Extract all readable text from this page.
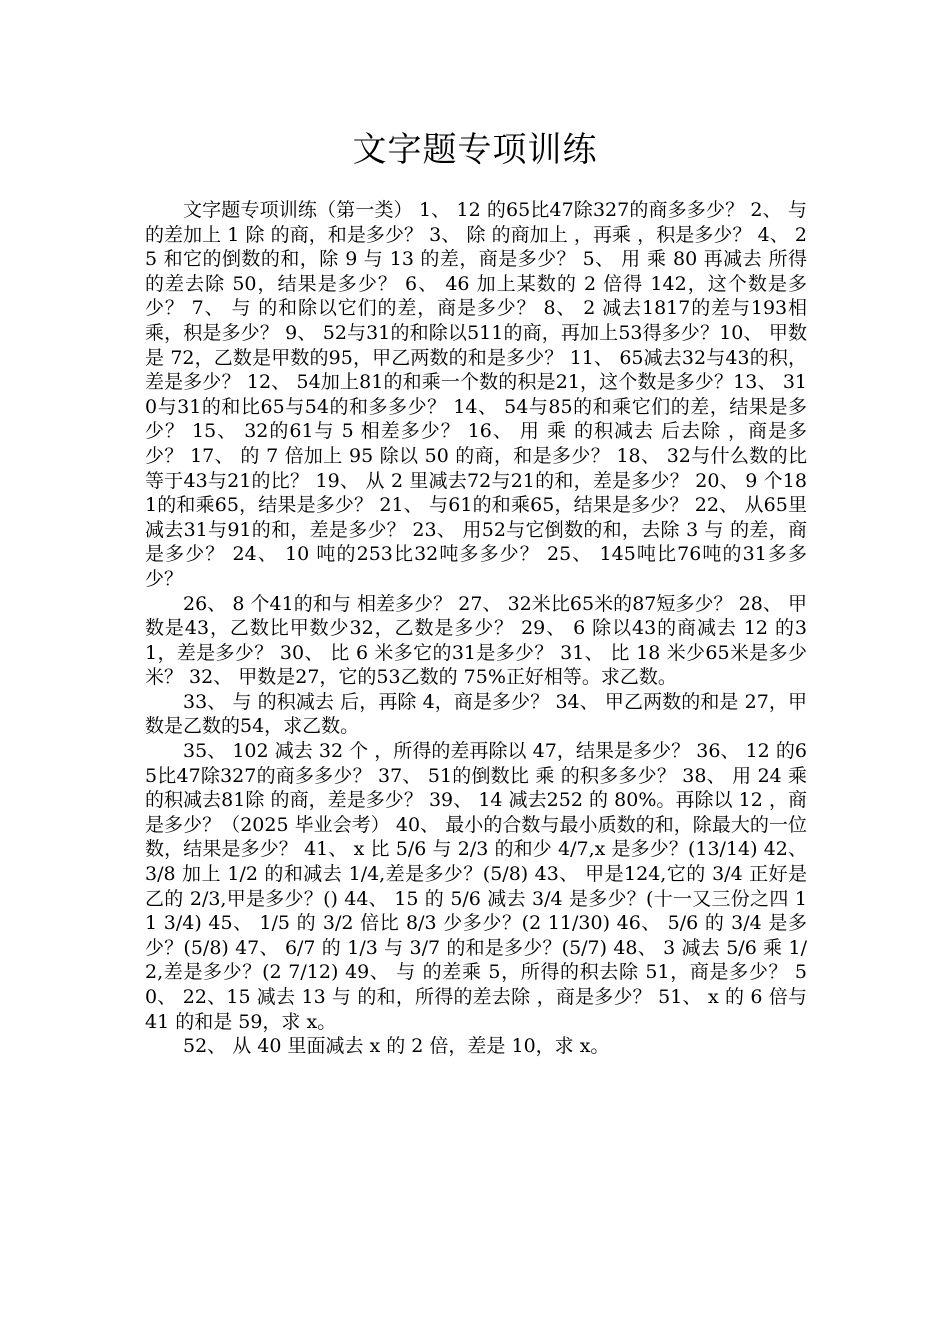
文字题专项训练

文字题专项训练（第一类） 1、 12 的65比47除327的商多多少？ 2、 与 的差加上 1 除 的商，和是多少？ 3、 除 的商加上 ，再乘 ，积是多少？ 4、 25 和它的倒数的和，除 9 与 13 的差，商是多少？ 5、 用 乘 80 再减去 所得的差去除 50，结果是多少？ 6、 46 加上某数的 2 倍得 142，这个数是多少？ 7、 与 的和除以它们的差，商是多少？ 8、 2 减去1817的差与193相乘，积是多少？ 9、 52与31的和除以511的商，再加上53得多少？10、 甲数是 72，乙数是甲数的95，甲乙两数的和是多少？ 11、 65减去32与43的积，差是多少？ 12、 54加上81的和乘一个数的积是21，这个数是多少？13、 310与31的和比65与54的和多多少？ 14、 54与85的和乘它们的差，结果是多少？ 15、 32的61与 5 相差多少？ 16、 用 乘 的积减去 后去除 ，商是多少？ 17、 的 7 倍加上 95 除以 50 的商，和是多少？ 18、 32与什么数的比等于43与21的比？ 19、 从 2 里减去72与21的和，差是多少？ 20、 9 个181的和乘65，结果是多少？ 21、 与61的和乘65，结果是多少？ 22、 从65里减去31与91的和，差是多少？ 23、 用52与它倒数的和，去除 3 与 的差，商是多少？ 24、 10 吨的253比32吨多多少？ 25、 145吨比76吨的31多多少？

26、 8 个41的和与 相差多少？ 27、 32米比65米的87短多少？ 28、 甲数是43，乙数比甲数少32，乙数是多少？ 29、 6 除以43的商减去 12 的31，差是多少？ 30、 比 6 米多它的31是多少？ 31、 比 18 米少65米是多少米？ 32、 甲数是27，它的53乙数的 75%正好相等。求乙数。

33、 与 的积减去 后，再除 4，商是多少？ 34、 甲乙两数的和是 27，甲数是乙数的54，求乙数。

35、 102 减去 32 个 ，所得的差再除以 47，结果是多少？ 36、 12 的65比47除327的商多多少？ 37、 51的倒数比 乘 的积多多少？ 38、 用 24 乘 的积减去81除 的商，差是多少？ 39、 14 减去252 的 80%。再除以 12 ，商是多少？（2025 毕业会考） 40、 最小的合数与最小质数的和，除最大的一位数，结果是多少？ 41、 x 比 5/6 与 2/3 的和少 4/7,x 是多少？(13/14) 42、 3/8 加上 1/2 的和减去 1/4,差是多少？(5/8) 43、 甲是124,它的 3/4 正好是乙的 2/3,甲是多少？() 44、 15 的 5/6 减去 3/4 是多少？(十一又三份之四 11 3/4) 45、 1/5 的 3/2 倍比 8/3 少多少？(2 11/30) 46、 5/6 的 3/4 是多少？(5/8) 47、 6/7 的 1/3 与 3/7 的和是多少？(5/7) 48、 3 减去 5/6 乘 1/2,差是多少？(2 7/12) 49、 与 的差乘 5，所得的积去除 51，商是多少？ 50、 22、15 减去 13 与 的和，所得的差去除 ，商是多少？ 51、 x 的 6 倍与 41 的和是 59，求 x。

52、 从 40 里面减去 x 的 2 倍，差是 10，求 x。
